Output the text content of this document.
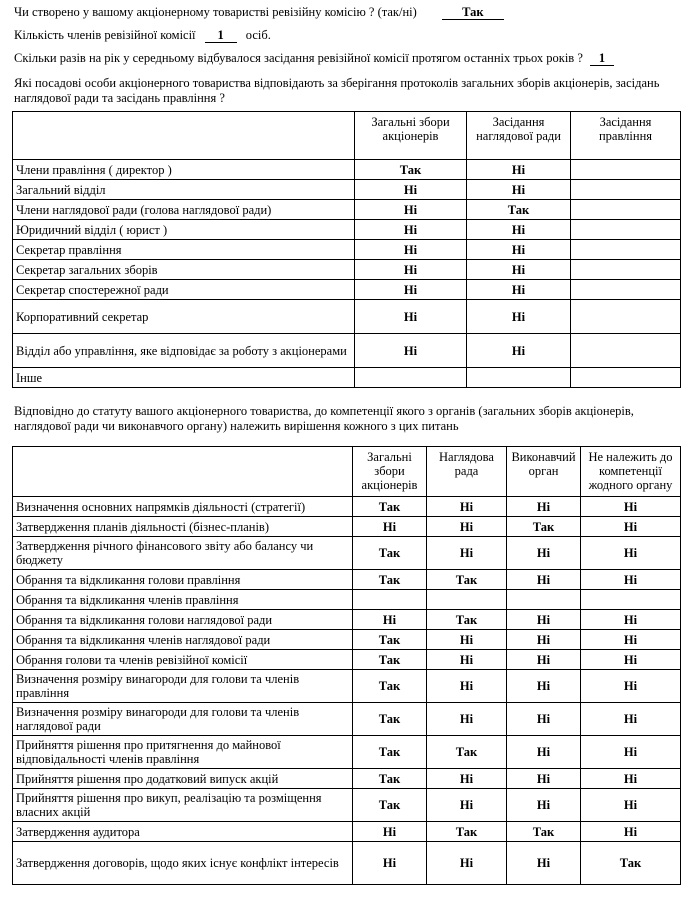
Чи створено у вашому акціонерному товаристві ревізійну комісію ? (так/ні)	Так
Кількість членів ревізійної комісії 1 осіб.
Скільки разів на рік у середньому відбувалося засідання ревізійної комісії протягом останніх трьох років ? 1
Які посадові особи акціонерного товариства відповідають за зберігання протоколів загальних зборів акціонерів, засідань наглядової ради та засідань правління ?
	Загальні збори акціонерів	Засідання наглядової ради	Засідання правління
Члени правління ( директор )	Так	Ні	
Загальний відділ	Ні	Ні	
Члени наглядової ради (голова наглядової ради)	Ні	Так	
Юридичний відділ ( юрист )	Ні	Ні	
Секретар правління	Ні	Ні	
Секретар загальних зборів	Ні	Ні	
Секретар спостережної ради	Ні	Ні	
Корпоративний секретар	Ні	Ні	
Відділ або управління, яке відповідає за роботу з акціонерами	Ні	Ні	
Інше			
Відповідно до статуту вашого акціонерного товариства, до компетенції якого з органів (загальних зборів акціонерів, наглядової ради чи виконавчого органу) належить вирішення кожного з цих питань
	Загальні збори акціонерів	Наглядова рада	Виконавчий орган	Не належить до компетенції жодного органу
Визначення основних напрямків діяльності (стратегії)	Так	Ні	Ні	Ні
Затвердження планів діяльності (бізнес-планів)	Ні	Ні	Так	Ні
Затвердження річного фінансового звіту або балансу чи бюджету	Так	Ні	Ні	Ні
Обрання та відкликання голови правління	Так	Так	Ні	Ні
Обрання та відкликання членів правління				
Обрання та відкликання голови наглядової ради	Ні	Так	Ні	Ні
Обрання та відкликання членів наглядової ради	Так	Ні	Ні	Ні
Обрання голови та членів ревізійної комісії	Так	Ні	Ні	Ні
Визначення розміру винагороди для голови та членів правління	Так	Ні	Ні	Ні
Визначення розміру винагороди для голови та членів наглядової ради	Так	Ні	Ні	Ні
Прийняття рішення про притягнення до майнової відповідальності членів правління	Так	Так	Ні	Ні
Прийняття рішення про додатковий випуск акцій	Так	Ні	Ні	Ні
Прийняття рішення про викуп, реалізацію та розміщення власних акцій	Так	Ні	Ні	Ні
Затвердження аудитора	Ні	Так	Так	Ні
Затвердження договорів, щодо яких існує конфлікт інтересів	Ні	Ні	Ні	Так
